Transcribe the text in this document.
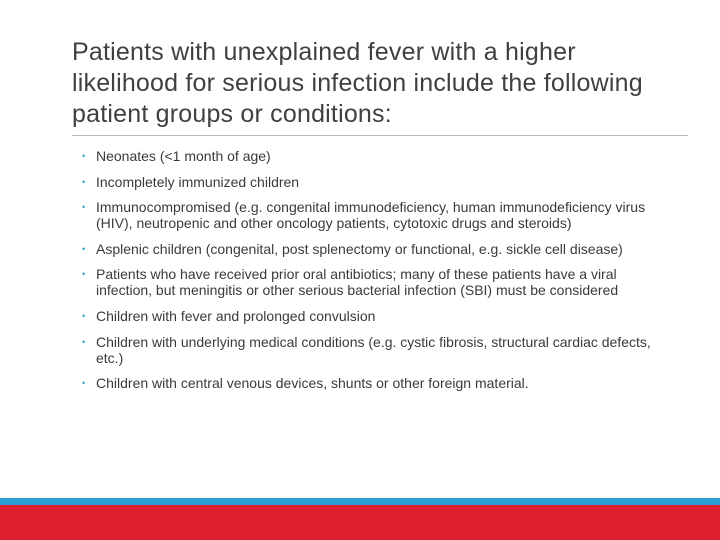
Patients with unexplained fever with a higher likelihood for serious infection include the following patient groups or conditions:
• Neonates (<1 month of age)
• Incompletely immunized children
• Immunocompromised (e.g. congenital immunodeficiency, human immunodeficiency virus (HIV), neutropenic and other oncology patients, cytotoxic drugs and steroids)
• Asplenic children (congenital, post splenectomy or functional, e.g. sickle cell disease)
• Patients who have received prior oral antibiotics; many of these patients have a viral infection, but meningitis or other serious bacterial infection (SBI) must be considered
• Children with fever and prolonged convulsion
• Children with underlying medical conditions (e.g. cystic fibrosis, structural cardiac defects, etc.)
• Children with central venous devices, shunts or other foreign material.
